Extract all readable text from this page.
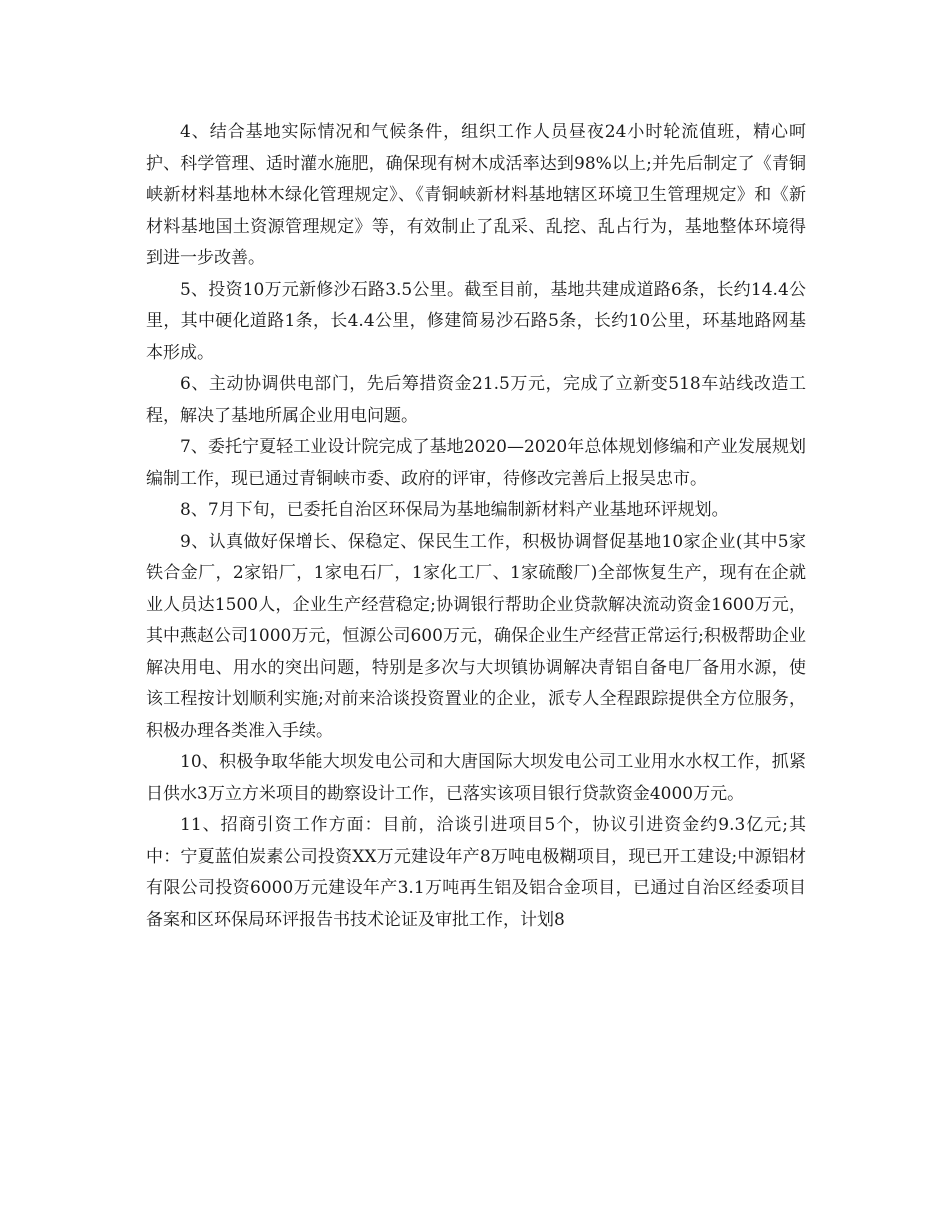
4、结合基地实际情况和气候条件，组织工作人员昼夜24小时轮流值班，精心呵护、科学管理、适时灌水施肥，确保现有树木成活率达到98%以上;并先后制定了《青铜峡新材料基地林木绿化管理规定》、《青铜峡新材料基地辖区环境卫生管理规定》和《新材料基地国土资源管理规定》等，有效制止了乱采、乱挖、乱占行为，基地整体环境得到进一步改善。

5、投资10万元新修沙石路3.5公里。截至目前，基地共建成道路6条，长约14.4公里，其中硬化道路1条，长4.4公里，修建简易沙石路5条，长约10公里，环基地路网基本形成。

6、主动协调供电部门，先后筹措资金21.5万元，完成了立新变518车站线改造工程，解决了基地所属企业用电问题。

7、委托宁夏轻工业设计院完成了基地2020—2020年总体规划修编和产业发展规划编制工作，现已通过青铜峡市委、政府的评审，待修改完善后上报吴忠市。

8、7月下旬，已委托自治区环保局为基地编制新材料产业基地环评规划。

9、认真做好保增长、保稳定、保民生工作，积极协调督促基地10家企业(其中5家铁合金厂，2家铅厂，1家电石厂，1家化工厂、1家硫酸厂)全部恢复生产，现有在企就业人员达1500人，企业生产经营稳定;协调银行帮助企业贷款解决流动资金1600万元，其中燕赵公司1000万元，恒源公司600万元，确保企业生产经营正常运行;积极帮助企业解决用电、用水的突出问题，特别是多次与大坝镇协调解决青铝自备电厂备用水源，使该工程按计划顺利实施;对前来洽谈投资置业的企业，派专人全程跟踪提供全方位服务，积极办理各类准入手续。

10、积极争取华能大坝发电公司和大唐国际大坝发电公司工业用水水权工作，抓紧日供水3万立方米项目的勘察设计工作，已落实该项目银行贷款资金4000万元。

11、招商引资工作方面：目前，洽谈引进项目5个，协议引进资金约9.3亿元;其中：宁夏蓝伯炭素公司投资XX万元建设年产8万吨电极糊项目，现已开工建设;中源铝材有限公司投资6000万元建设年产3.1万吨再生铝及铝合金项目，已通过自治区经委项目备案和区环保局环评报告书技术论证及审批工作，计划8
